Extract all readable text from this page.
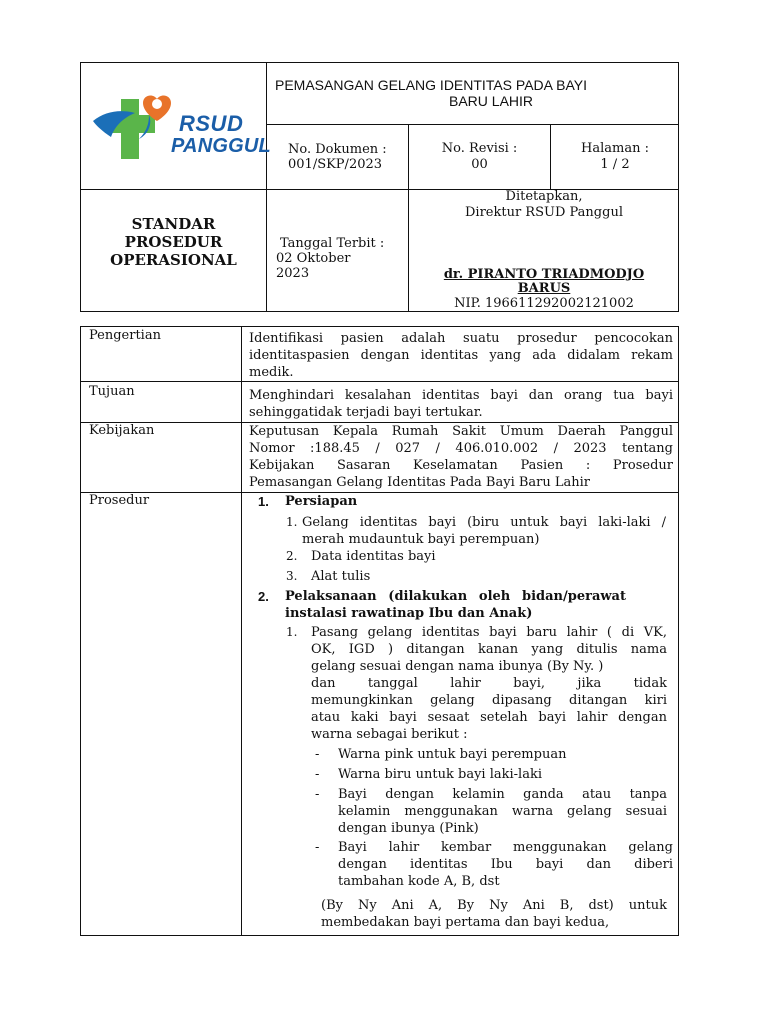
RSUD
PANGGUL
PEMASANGAN GELANG IDENTITAS PADA BAYI
BARU LAHIR
No. Dokumen :
001/SKP/2023
No. Revisi :
00
Halaman :
1 / 2
STANDAR
PROSEDUR
OPERASIONAL
Tanggal Terbit :
02 Oktober
2023
Ditetapkan,
Direktur RSUD Panggul
dr. PIRANTO TRIADMODJO
BARUS
NIP. 196611292002121002
Pengertian	Identifikasi pasien adalah suatu prosedur pencocokan
identitaspasien dengan identitas yang ada didalam rekam
medik.
Tujuan	Menghindari kesalahan identitas bayi dan orang tua bayi
sehinggatidak terjadi bayi tertukar.
Kebijakan	Keputusan Kepala Rumah Sakit Umum Daerah Panggul
Nomor :188.45 / 027 / 406.010.002 / 2023 tentang
Kebijakan Sasaran Keselamatan Pasien : Prosedur
Pemasangan Gelang Identitas Pada Bayi Baru Lahir
Prosedur	1. Persiapan
1. Gelang identitas bayi (biru untuk bayi laki-laki /
merah mudauntuk bayi perempuan)
2. Data identitas bayi
3. Alat tulis
2. Pelaksanaan (dilakukan oleh bidan/perawat
instalasi rawatinap Ibu dan Anak)
1. Pasang gelang identitas bayi baru lahir ( di VK,
OK, IGD ) ditangan kanan yang ditulis nama
gelang sesuai dengan nama ibunya (By Ny. )
dan tanggal lahir bayi, jika tidak
memungkinkan gelang dipasang ditangan kiri
atau kaki bayi sesaat setelah bayi lahir dengan
warna sebagai berikut :
- Warna pink untuk bayi perempuan
- Warna biru untuk bayi laki-laki
- Bayi dengan kelamin ganda atau tanpa
kelamin menggunakan warna gelang sesuai
dengan ibunya (Pink)
- Bayi lahir kembar menggunakan gelang
dengan identitas Ibu bayi dan diberi
tambahan kode A, B, dst
(By Ny Ani A, By Ny Ani B, dst) untuk
membedakan bayi pertama dan bayi kedua,
